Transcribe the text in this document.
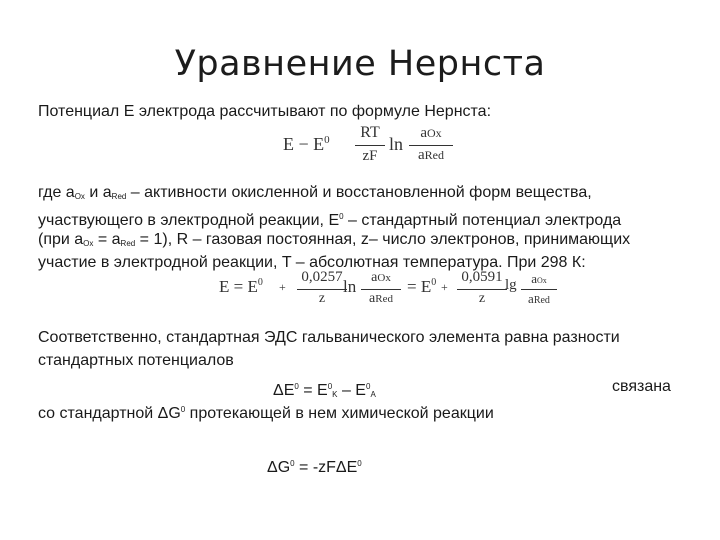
Уравнение Нернста
Потенциал E электрода рассчитывают по формуле Нернста:
$E - E^0$	RT
zF
ln
aOx
aRed
где $a_{Ox}$ и $a_{Red}$ – активности окисленной и восстановленной форм вещества,
участвующего в электродной реакции, $E^0$ – стандартный потенциал электрода
(при $a_{Ox} = a_{Red} = 1$), R – газовая постоянная, z– число электронов, принимающих
участие в электродной реакции, T – абсолютная температура. При 298 К:
$E = E^0$ +
0,0257
z
ln	aOx
aRed
= $E^0$ +
0,0591
z
lg	aOx
aRed
Соответственно, стандартная ЭДС гальванического элемента равна разности
стандартных потенциалов
$\Delta E^0 = E^0_K - E^0_A$	связана
со стандартной $\Delta G^0$ протекающей в нем химической реакции
$\Delta G^0 = -zF\Delta E^0$
